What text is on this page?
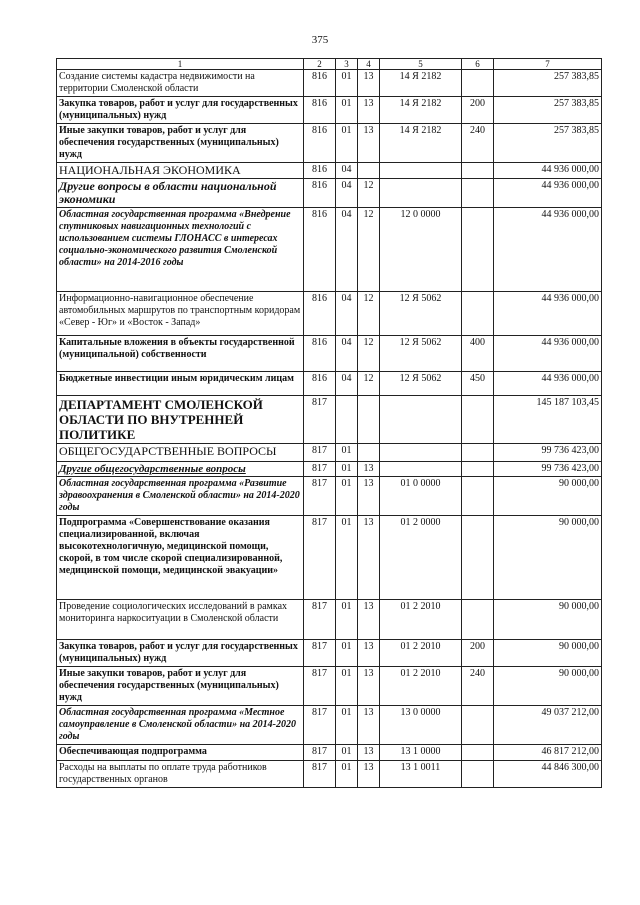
375
1	2	3	4	5	6	7
Создание системы кадастра недвижимости на территории Смоленской области	816	01	13	14 Я 2182		257 383,85
Закупка товаров, работ и услуг для государственных (муниципальных) нужд	816	01	13	14 Я 2182	200	257 383,85
Иные закупки товаров, работ и услуг для обеспечения государственных (муниципальных) нужд	816	01	13	14 Я 2182	240	257 383,85
НАЦИОНАЛЬНАЯ ЭКОНОМИКА	816	04				44 936 000,00
Другие вопросы в области национальной экономики	816	04	12			44 936 000,00
Областная государственная программа «Внедрение спутниковых навигационных технологий с использованием системы ГЛОНАСС в интересах социально-экономического развития Смоленской области» на 2014-2016 годы	816	04	12	12 0 0000		44 936 000,00
Информационно-навигационное обеспечение автомобильных маршрутов по транспортным коридорам «Север - Юг» и «Восток - Запад»	816	04	12	12 Я 5062		44 936 000,00
Капитальные вложения в объекты государственной (муниципальной) собственности	816	04	12	12 Я 5062	400	44 936 000,00
Бюджетные инвестиции иным юридическим лицам	816	04	12	12 Я 5062	450	44 936 000,00
ДЕПАРТАМЕНТ СМОЛЕНСКОЙ ОБЛАСТИ ПО ВНУТРЕННЕЙ ПОЛИТИКЕ	817					145 187 103,45
ОБЩЕГОСУДАРСТВЕННЫЕ ВОПРОСЫ	817	01				99 736 423,00
Другие общегосударственные вопросы	817	01	13			99 736 423,00
Областная государственная программа «Развитие здравоохранения в Смоленской области» на 2014-2020 годы	817	01	13	01 0 0000		90 000,00
Подпрограмма «Совершенствование оказания специализированной, включая высокотехнологичную, медицинской помощи, скорой, в том числе скорой специализированной, медицинской помощи, медицинской эвакуации»	817	01	13	01 2 0000		90 000,00
Проведение социологических исследований в рамках мониторинга наркоситуации в Смоленской области	817	01	13	01 2 2010		90 000,00
Закупка товаров, работ и услуг для государственных (муниципальных) нужд	817	01	13	01 2 2010	200	90 000,00
Иные закупки товаров, работ и услуг для обеспечения государственных (муниципальных) нужд	817	01	13	01 2 2010	240	90 000,00
Областная государственная программа «Местное самоуправление в Смоленской области» на 2014-2020 годы	817	01	13	13 0 0000		49 037 212,00
Обеспечивающая подпрограмма	817	01	13	13 1 0000		46 817 212,00
Расходы на выплаты по оплате труда работников государственных органов	817	01	13	13 1 0011		44 846 300,00
